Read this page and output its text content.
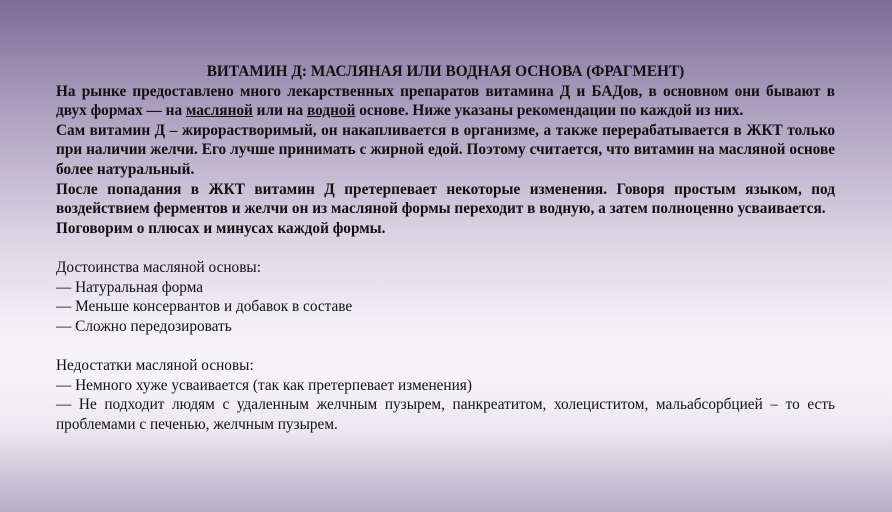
ВИТАМИН Д: МАСЛЯНАЯ ИЛИ ВОДНАЯ ОСНОВА (ФРАГМЕНТ)
На рынке предоставлено много лекарственных препаратов витамина Д и БАДов, в основном они бывают в двух формах — на масляной или на водной основе. Ниже указаны рекомендации по каждой из них.
Сам витамин Д – жирорастворимый, он накапливается в организме, а также перерабатывается в ЖКТ только при наличии желчи. Его лучше принимать с жирной едой. Поэтому считается, что витамин на масляной основе более натуральный.
После попадания в ЖКТ витамин Д претерпевает некоторые изменения. Говоря простым языком, под воздействием ферментов и желчи он из масляной формы переходит в водную, а затем полноценно усваивается.
Поговорим о плюсах и минусах каждой формы.
Достоинства масляной основы:
— Натуральная форма
— Меньше консервантов и добавок в составе
— Сложно передозировать
Недостатки масляной основы:
— Немного хуже усваивается (так как претерпевает изменения)
— Не подходит людям с удаленным желчным пузырем, панкреатитом, холециститом, мальабсорбцией – то есть проблемами с печенью, желчным пузырем.
